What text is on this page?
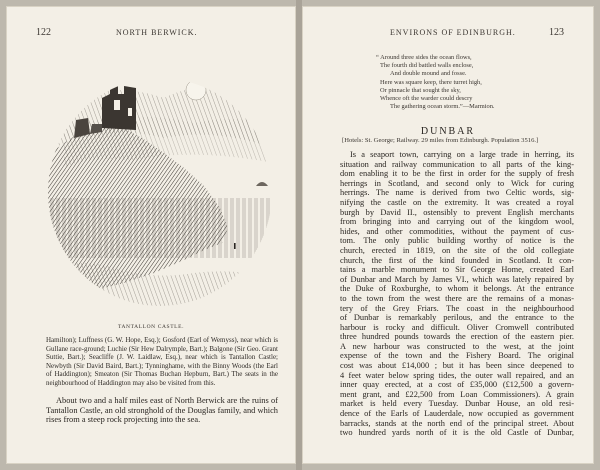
122	NORTH BERWICK.
TANTALLON CASTLE.

Hamilton); Luffness (G. W. Hope, Esq.); Gosford (Earl of Wemyss), near which is Gullane race-ground; Luchie (Sir Hew Dalrymple, Bart.); Balgone (Sir Geo. Grant Suttie, Bart.); Seacliffe (J. W. Laidlaw, Esq.), near which is Tantallon Castle; Newbyth (Sir David Baird, Bart.); Tynninghame, with the Binny Woods (the Earl of Haddington); Smeaton (Sir Thomas Buchan Hepburn, Bart.) The seats in the neighbourhood of Haddington may also be visited from this.

About two and a half miles east of North Berwick are the ruins of Tantallon Castle, an old stronghold of the Douglas family, and which rises from a steep rock projecting into the sea.

ENVIRONS OF EDINBURGH.	123
“ Around three sides the ocean flows,
The fourth did battled walls enclose,
And double mound and fosse.
Here was square keep, there turret high,
Or pinnacle that sought the sky,
Whence oft the warder could descry
The gathering ocean storm.”—Marmion.
DUNBAR
[Hotels: St. George; Railway. 29 miles from Edinburgh. Population 3516.]
Is a seaport town, carrying on a large trade in herring, its
situation and railway communication to all parts of the king-
dom enabling it to be the first in order for the supply of fresh
herrings in Scotland, and second only to Wick for curing
herrings. The name is derived from two Celtic words, sig-
nifying the castle on the extremity. It was created a royal
burgh by David II., ostensibly to prevent English merchants
from bringing into and carrying out of the kingdom wool,
hides, and other commodities, without the payment of cus-
tom. The only public building worthy of notice is the
church, erected in 1819, on the site of the old collegiate
church, the first of the kind founded in Scotland. It con-
tains a marble monument to Sir George Home, created Earl
of Dunbar and March by James VI., which was lately repaired by
the Duke of Roxburghe, to whom it belongs. At the entrance
to the town from the west there are the remains of a monas-
tery of the Grey Friars. The coast in the neighbourhood
of Dunbar is remarkably perilous, and the entrance to the
harbour is rocky and difficult. Oliver Cromwell contributed
three hundred pounds towards the erection of the eastern pier.
A new harbour was constructed to the west, at the joint
expense of the town and the Fishery Board. The original
cost was about £14,000 ; but it has been since deepened to
4 feet water below spring tides, the outer wall repaired, and an
inner quay erected, at a cost of £35,000 (£12,500 a govern-
ment grant, and £22,500 from Loan Commissioners). A grain
market is held every Tuesday. Dunbar House, an old resi-
dence of the Earls of Lauderdale, now occupied as government
barracks, stands at the north end of the principal street. About
two hundred yards north of it is the old Castle of Dunbar,
